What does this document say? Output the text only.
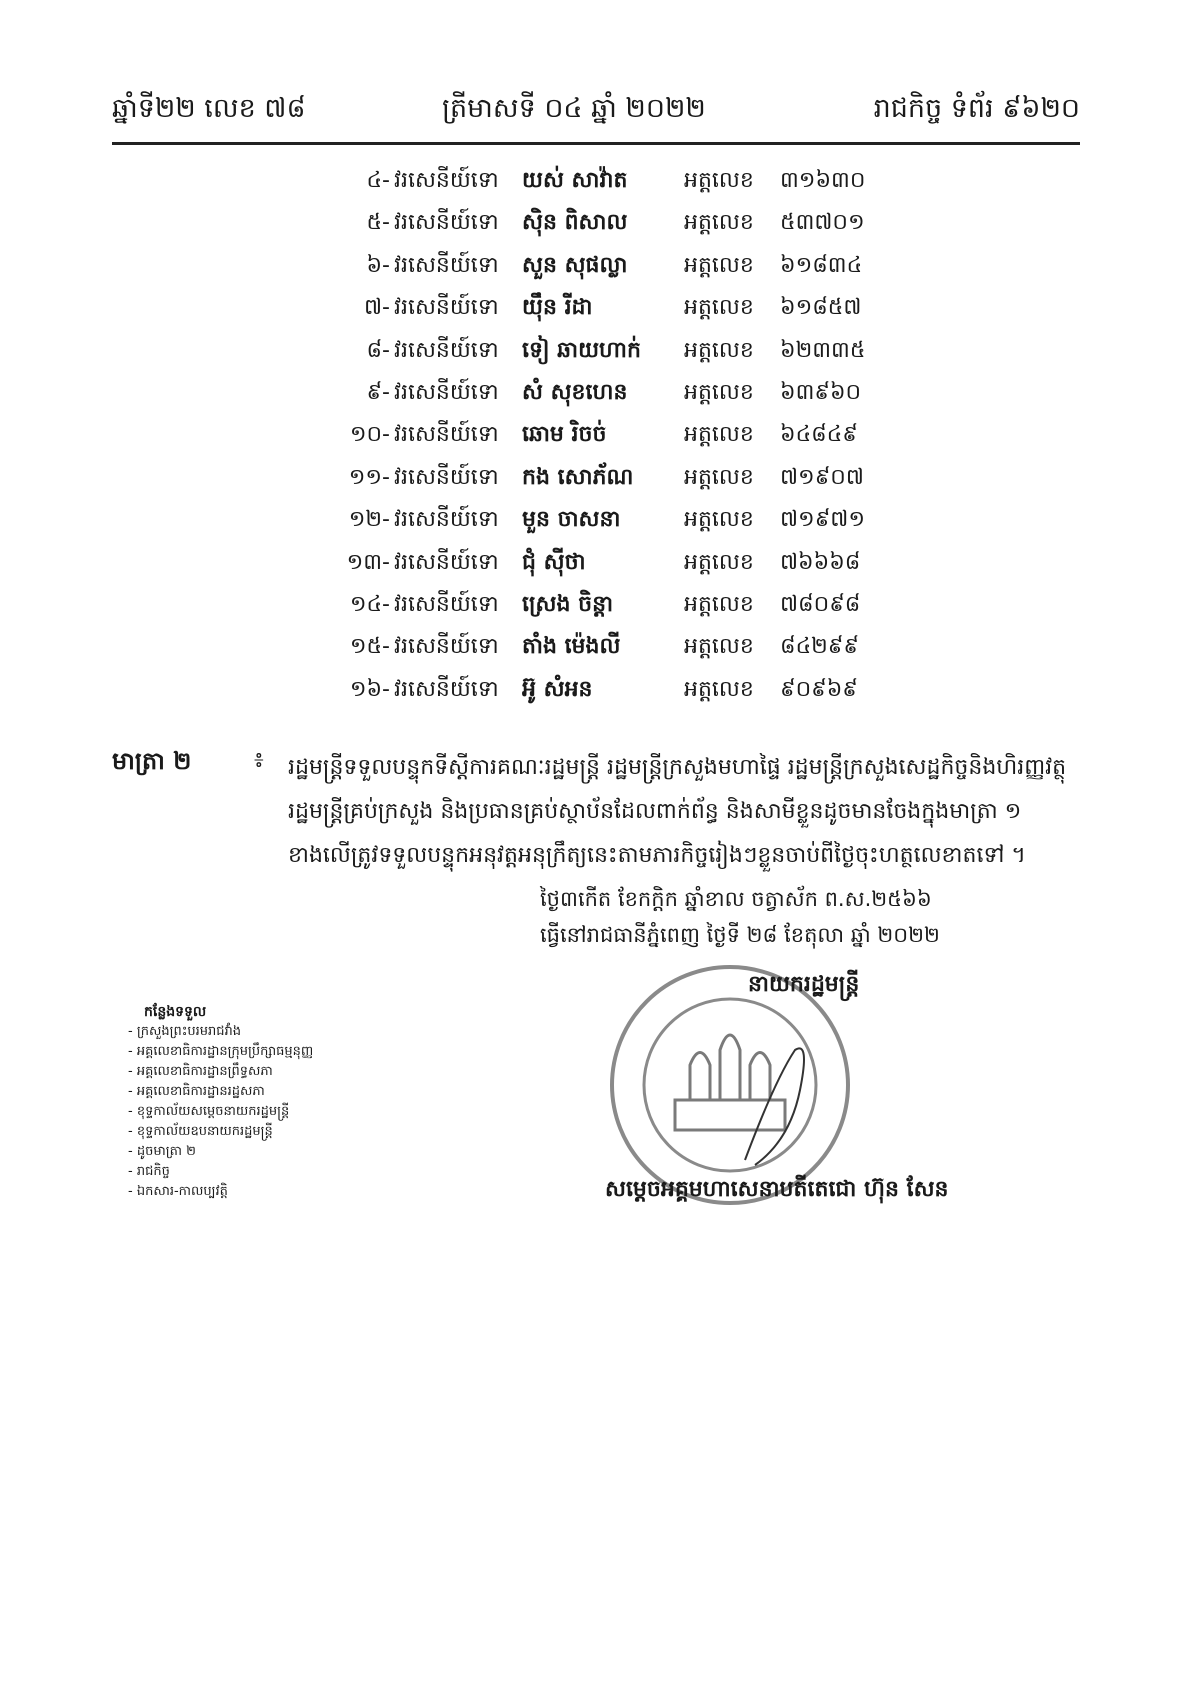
ឆ្នាំទី២២ លេខ ៧៨	ត្រីមាសទី ០៤ ឆ្នាំ ២០២២	រាជកិច្ច ទំព័រ ៩៦២០
៤- វរសេនីយ៍ទោ យស់ សាវ៉ាត	អត្តលេខ ៣១៦៣០
៥- វរសេនីយ៍ទោ ស៊ិន ពិសាល	អត្តលេខ ៥៣៧០១
៦- វរសេនីយ៍ទោ សួន សុផល្លា	អត្តលេខ ៦១៨៣៤
៧- វរសេនីយ៍ទោ យ៉ឹន រីដា	អត្តលេខ ៦១៨៥៧
៨- វរសេនីយ៍ទោ ទៀ ឆាយហាក់ អត្តលេខ ៦២៣៣៥
៩- វរសេនីយ៍ទោ សំ សុខហេន	អត្តលេខ ៦៣៩៦០
១០- វរសេនីយ៍ទោ ឆោម រិចច់	អត្តលេខ ៦៤៨៤៩
១១- វរសេនីយ៍ទោ កង សោភ័ណ អត្តលេខ ៧១៩០៧
១២- វរសេនីយ៍ទោ មួន ចាសនា	អត្តលេខ ៧១៩៧១
១៣- វរសេនីយ៍ទោ ជុំ ស៊ីថា	អត្តលេខ ៧៦៦៦៨
១៤- វរសេនីយ៍ទោ ស្រេង ចិន្តា	អត្តលេខ ៧៨០៩៨
១៥- វរសេនីយ៍ទោ តាំង ម៉េងលី	អត្តលេខ ៨៤២៩៩
១៦- វរសេនីយ៍ទោ អ៊ូ សំអន	អត្តលេខ ៩០៩៦៩
មាត្រា ២	៖ រដ្ឋមន្ត្រីទទួលបន្ទុកទីស្តីការគណៈរដ្ឋមន្ត្រី រដ្ឋមន្ត្រីក្រសួងមហាផ្ទៃ រដ្ឋមន្ត្រីក្រសួងសេដ្ឋកិច្ចនិងហិរញ្ញវត្ថុ រដ្ឋមន្ត្រីគ្រប់ក្រសួង និងប្រធានគ្រប់ស្ថាប័នដែលពាក់ព័ន្ធ និងសាមីខ្លួនដូចមានចែងក្នុងមាត្រា ១ ខាងលើត្រូវទទួលបន្ទុកអនុវត្តអនុក្រឹត្យនេះតាមភារកិច្ចរៀងៗខ្លួនចាប់ពីថ្ងៃចុះហត្ថលេខាតទៅ ។
ថ្ងៃ៣កើត ខែកក្ដិក ឆ្នាំខាល ចត្វាស័ក ព.ស.២៥៦៦
ធ្វើនៅរាជធានីភ្នំពេញ ថ្ងៃទី ២៨ ខែតុលា ឆ្នាំ ២០២២
នាយករដ្ឋមន្ត្រី
សម្ដេចអគ្គមហាសេនាបតីតេជោ ហ៊ុន សែន
កន្លែងទទួល
- ក្រសួងព្រះបរមរាជវាំង
- អគ្គលេខាធិការដ្ឋានក្រុមប្រឹក្សាធម្មនុញ្ញ
- អគ្គលេខាធិការដ្ឋានព្រឹទ្ធសភា
- អគ្គលេខាធិការដ្ឋានរដ្ឋសភា
- ខុទ្ទកាល័យសម្ដេចនាយករដ្ឋមន្ត្រី
- ខុទ្ទកាល័យឧបនាយករដ្ឋមន្ត្រី
- ដូចមាត្រា ២
- រាជកិច្ច
- ឯកសារ-កាលប្បវត្តិ
